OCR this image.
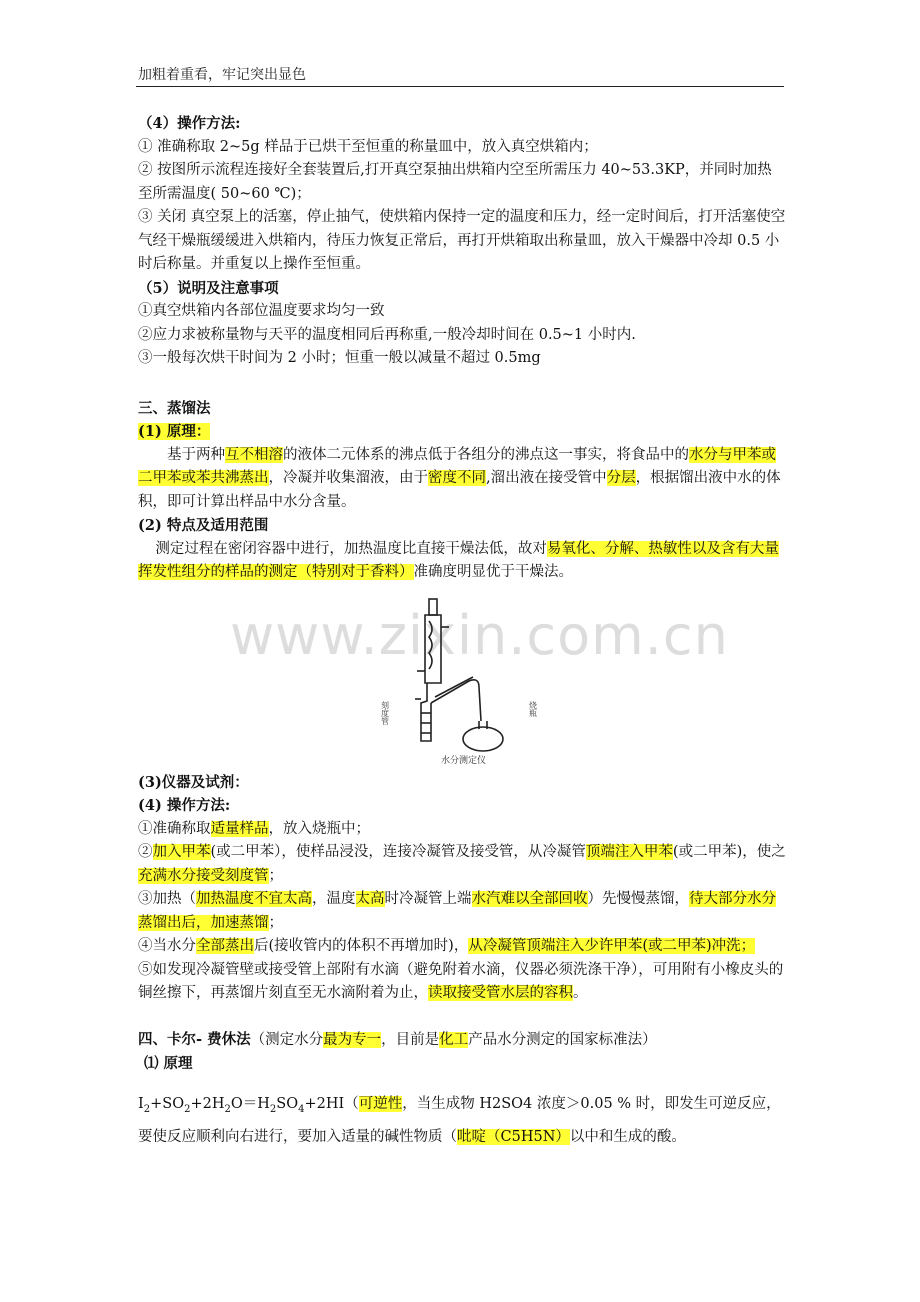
加粗着重看，牢记突出显色
www.zixin.com.cn

（4）操作方法:

① 准确称取 2~5g 样品于已烘干至恒重的称量皿中，放入真空烘箱内；

② 按图所示流程连接好全套装置后,打开真空泵抽出烘箱内空至所需压力 40~53.3KP，并同时加热至所需温度( 50~60 ℃)；

③ 关闭 真空泵上的活塞，停止抽气，使烘箱内保持一定的温度和压力，经一定时间后，打开活塞使空气经干燥瓶缓缓进入烘箱内，待压力恢复正常后，再打开烘箱取出称量皿，放入干燥器中冷却 0.5 小时后称量。并重复以上操作至恒重。

（5）说明及注意事项

①真空烘箱内各部位温度要求均匀一致

②应力求被称量物与天平的温度相同后再称重,一般冷却时间在 0.5~1 小时内.

③一般每次烘干时间为 2 小时；恒重一般以减量不超过 0.5mg

三、蒸馏法

(1) 原理：

基于两种互不相溶的液体二元体系的沸点低于各组分的沸点这一事实，将食品中的水分与甲苯或二甲苯或苯共沸蒸出，冷凝并收集溜液，由于密度不同,溜出液在接受管中分层，根据馏出液中水的体积，即可计算出样品中水分含量。

(2) 特点及适用范围

测定过程在密闭容器中进行，加热温度比直接干燥法低，故对易氧化、分解、热敏性以及含有大量挥发性组分的样品的测定（特别对于香料）准确度明显优于干燥法。

刻度管	烧瓶
水分测定仪

(3)仪器及试剂：

(4) 操作方法:

①准确称取适量样品，放入烧瓶中；

②加入甲苯(或二甲苯），使样品浸没，连接冷凝管及接受管，从冷凝管顶端注入甲苯(或二甲苯)，使之充满水分接受刻度管；

③加热（加热温度不宜太高，温度太高时冷凝管上端水汽难以全部回收）先慢慢蒸馏，待大部分水分蒸馏出后，加速蒸馏；

④当水分全部蒸出后(接收管内的体积不再增加时)，从冷凝管顶端注入少许甲苯(或二甲苯)冲洗；

⑤如发现冷凝管壁或接受管上部附有水滴（避免附着水滴，仪器必须洗涤干净），可用附有小橡皮头的铜丝擦下，再蒸馏片刻直至无水滴附着为止，读取接受管水层的容积。

四、卡尔- 费休法（测定水分最为专一，目前是化工产品水分测定的国家标准法）

⑴ 原理

$I_2+SO_2+2H_2O=H_2SO_4+2HI$（可逆性，当生成物 H2SO4 浓度＞0.05 % 时，即发生可逆反应，要使反应顺利向右进行，要加入适量的碱性物质（吡啶（C5H5N）以中和生成的酸。
